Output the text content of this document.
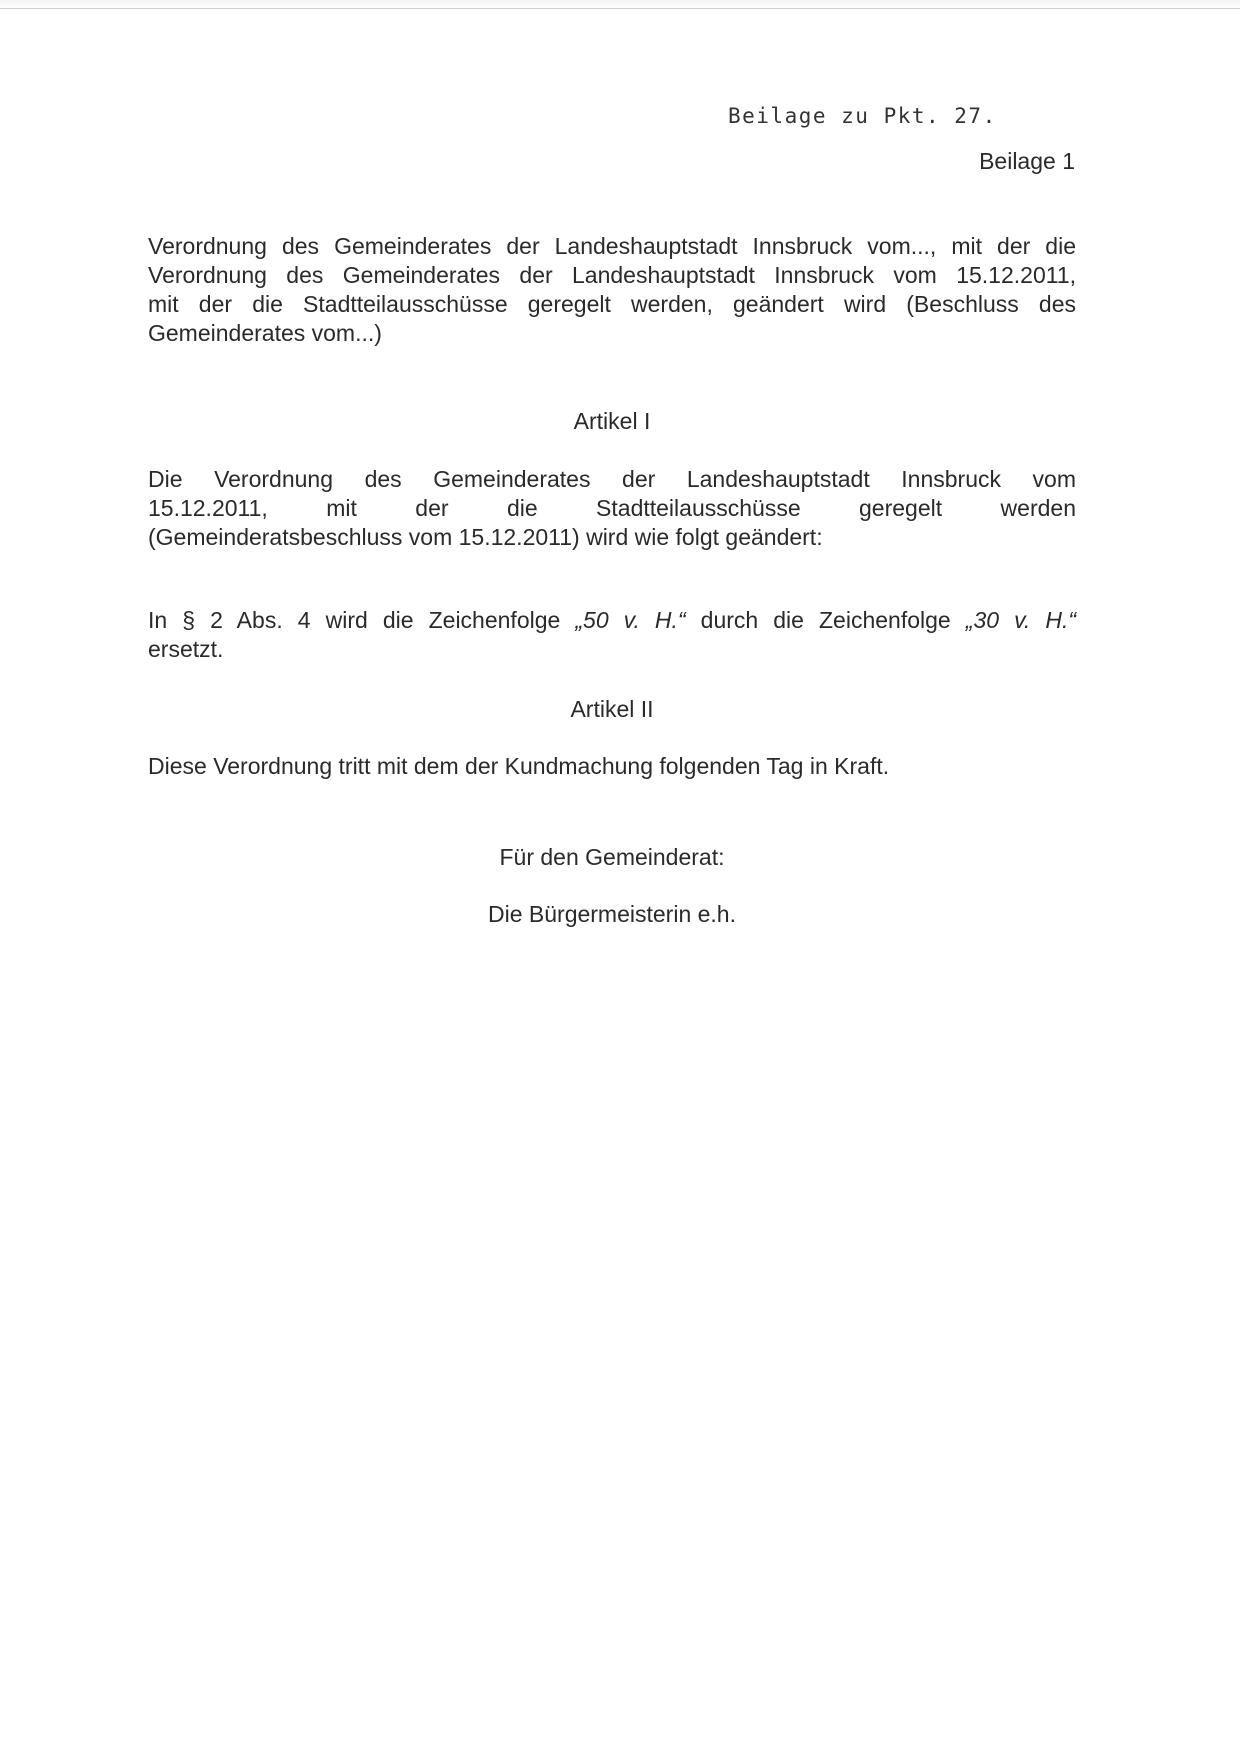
Beilage zu Pkt. 27.
Beilage 1
Verordnung des Gemeinderates der Landeshauptstadt Innsbruck vom..., mit der die
Verordnung des Gemeinderates der Landeshauptstadt Innsbruck vom 15.12.2011,
mit der die Stadtteilausschüsse geregelt werden, geändert wird (Beschluss des
Gemeinderates vom...)
Artikel I
Die Verordnung des Gemeinderates der Landeshauptstadt Innsbruck vom
15.12.2011, mit der die Stadtteilausschüsse geregelt werden
(Gemeinderatsbeschluss vom 15.12.2011) wird wie folgt geändert:
In § 2 Abs. 4 wird die Zeichenfolge „50 v. H.“ durch die Zeichenfolge „30 v. H.“
ersetzt.
Artikel II
Diese Verordnung tritt mit dem der Kundmachung folgenden Tag in Kraft.
Für den Gemeinderat:
Die Bürgermeisterin e.h.
